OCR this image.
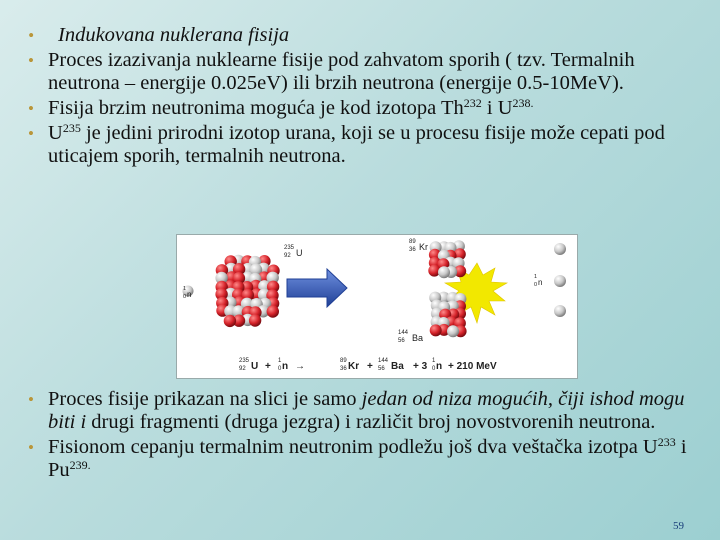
• Indukovana nuklerana fisija
• Proces izazivanja nuklearne fisije pod zahvatom sporih ( tzv. Termalnih neutrona – energije 0.025eV) ili brzih neutrona (energije 0.5-10MeV).
• Fisija brzim neutronima moguća je kod izotopa Th$^{232}$ i $U^{238.}$
• $U^{235}$ je jedini prirodni izotop urana, koji se u procesu fisije može cepati pod uticajem sporih, termalnih neutrona.
1
0 n
235
92 U
89
36 Kr
144
56 Ba
1
0 n
235
92 U + 1
0 n →	89
36 Kr + 144
56 Ba + 3 1
0 n + 210 MeV
• Proces fisije prikazan na slici je samo jedan od niza mogućih, čiji ishod mogu biti i drugi fragmenti (druga jezgra) i različit broj novostvorenih neutrona.
• Fisionom cepanju termalnim neutronim podležu još dva veštačka izotpa $U^{233}$ i $Pu^{239.}$
59
